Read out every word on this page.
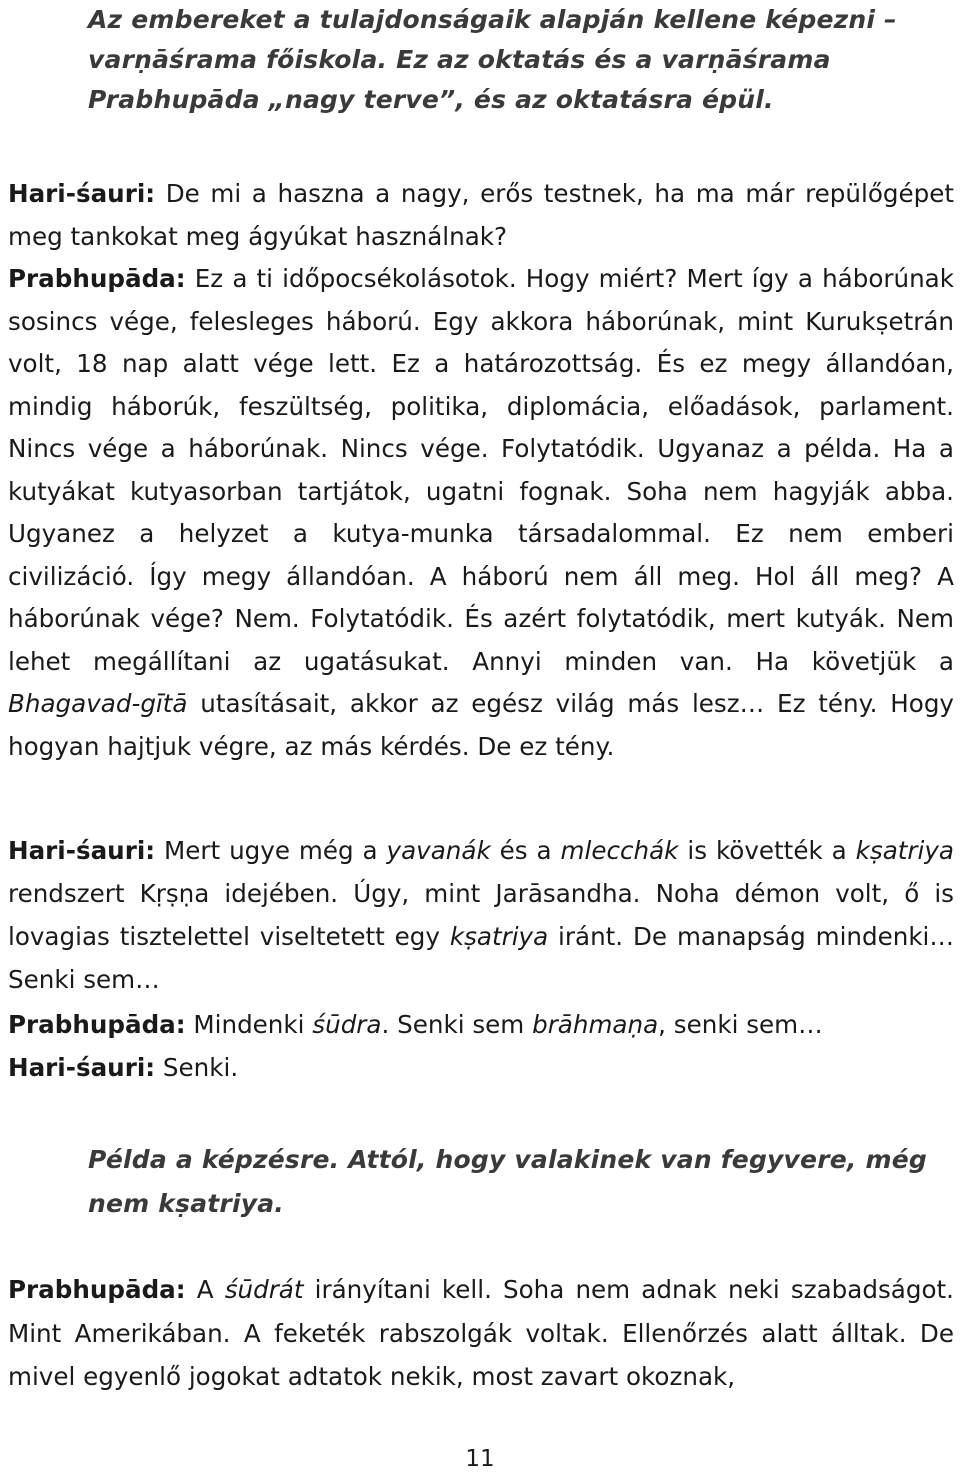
Az embereket a tulajdonságaik alapján kellene képezni – varṇāśrama főiskola. Ez az oktatás és a varṇāśrama Prabhupāda „nagy terve”, és az oktatásra épül.

Hari-śauri: De mi a haszna a nagy, erős testnek, ha ma már repülőgépet meg tankokat meg ágyúkat használnak?

Prabhupāda: Ez a ti időpocsékolásotok. Hogy miért? Mert így a háborúnak sosincs vége, felesleges háború. Egy akkora háborúnak, mint Kurukṣetrán volt, 18 nap alatt vége lett. Ez a határozottság. És ez megy állandóan, mindig háborúk, feszültség, politika, diplomácia, előadások, parlament. Nincs vége a háborúnak. Nincs vége. Folytatódik. Ugyanaz a példa. Ha a kutyákat kutyasorban tartjátok, ugatni fognak. Soha nem hagyják abba. Ugyanez a helyzet a kutya-munka társadalommal. Ez nem emberi civilizáció. Így megy állandóan. A háború nem áll meg. Hol áll meg? A háborúnak vége? Nem. Folytatódik. És azért folytatódik, mert kutyák. Nem lehet megállítani az ugatásukat. Annyi minden van. Ha követjük a Bhagavad-gītā utasításait, akkor az egész világ más lesz… Ez tény. Hogy hogyan hajtjuk végre, az más kérdés. De ez tény.

Hari-śauri: Mert ugye még a yavanák és a mlecchák is követték a kṣatriya rendszert Kṛṣṇa idejében. Úgy, mint Jarāsandha. Noha démon volt, ő is lovagias tisztelettel viseltetett egy kṣatriya iránt. De manapság mindenki… Senki sem…

Prabhupāda: Mindenki śūdra. Senki sem brāhmaṇa, senki sem…

Hari-śauri: Senki.

Példa a képzésre. Attól, hogy valakinek van fegyvere, még nem kṣatriya.

Prabhupāda: A śūdrát irányítani kell. Soha nem adnak neki szabadságot. Mint Amerikában. A feketék rabszolgák voltak. Ellenőrzés alatt álltak. De mivel egyenlő jogokat adtatok nekik, most zavart okoznak,

11
